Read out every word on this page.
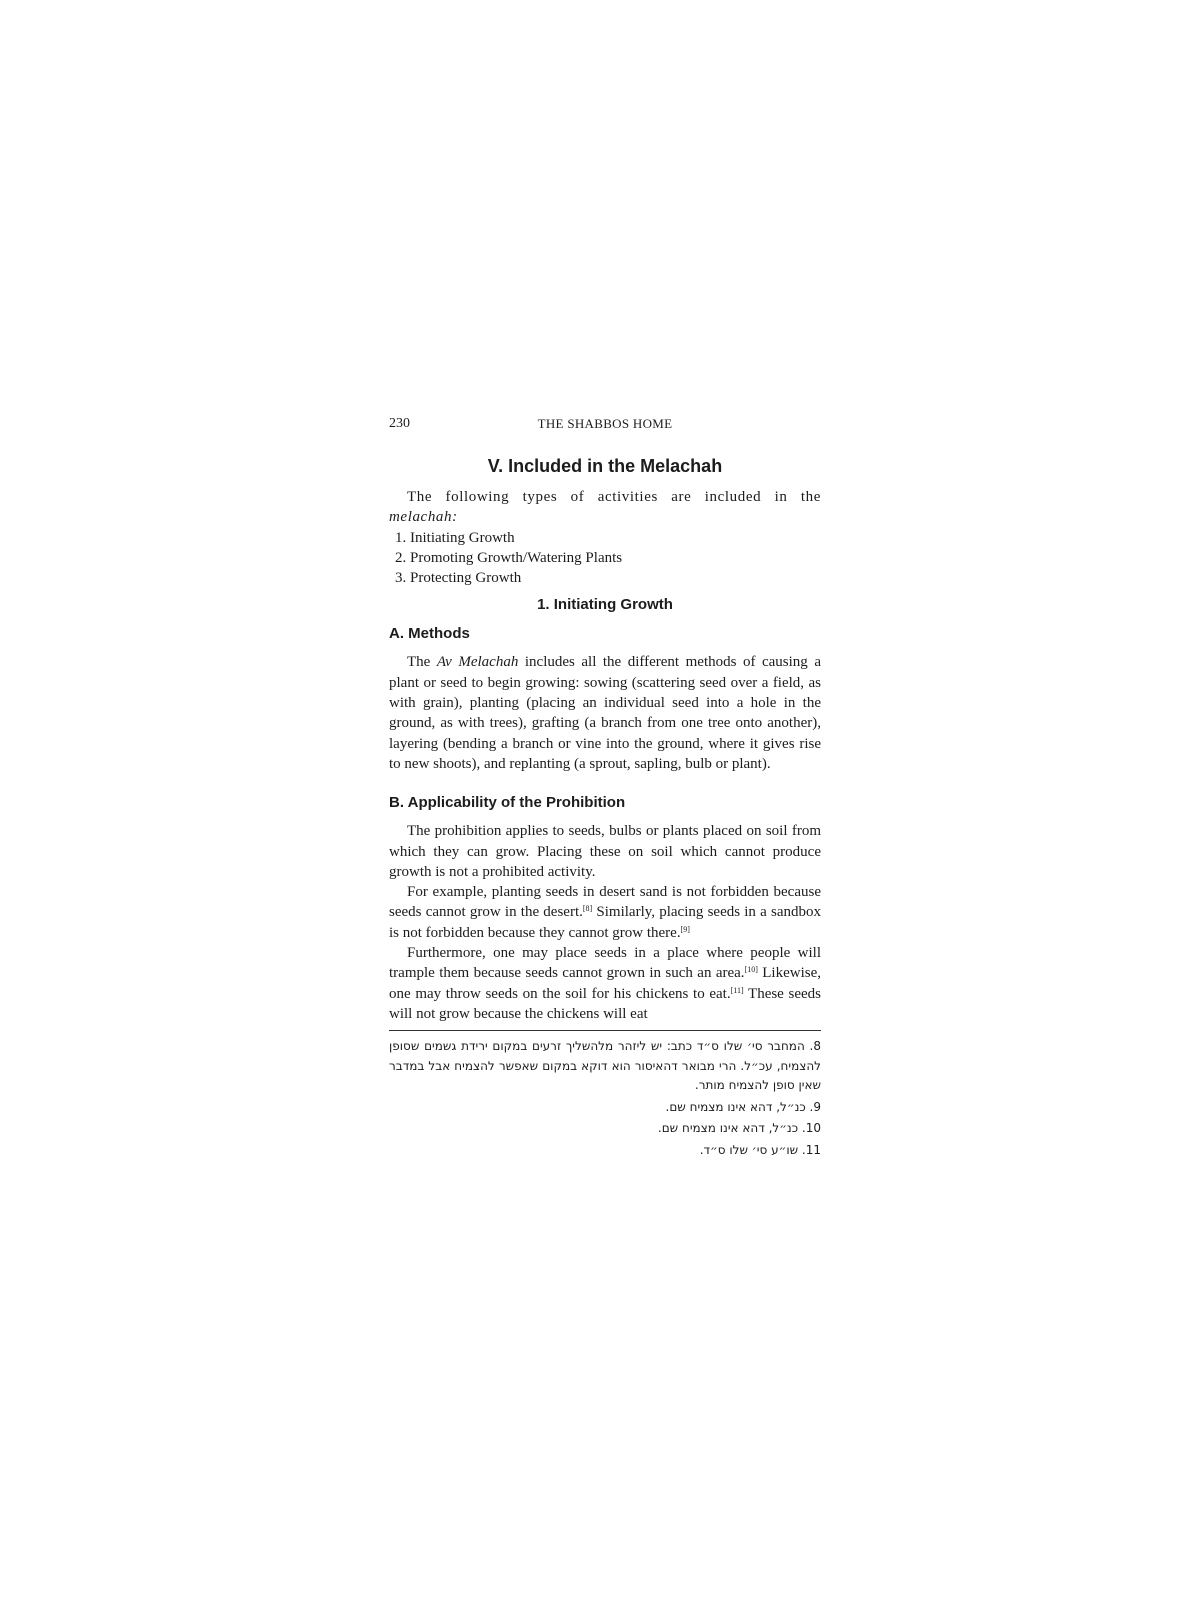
230	THE SHABBOS HOME
V. Included in the Melachah

The following types of activities are included in the melachah:

1. Initiating Growth
2. Promoting Growth/Watering Plants
3. Protecting Growth
1. Initiating Growth
A. Methods

The Av Melachah includes all the different methods of causing a plant or seed to begin growing: sowing (scattering seed over a field, as with grain), planting (placing an individual seed into a hole in the ground, as with trees), grafting (a branch from one tree onto another), layering (bending a branch or vine into the ground, where it gives rise to new shoots), and replanting (a sprout, sapling, bulb or plant).

B. Applicability of the Prohibition

The prohibition applies to seeds, bulbs or plants placed on soil from which they can grow. Placing these on soil which cannot produce growth is not a prohibited activity.

For example, planting seeds in desert sand is not forbidden because seeds cannot grow in the desert.[8] Similarly, placing seeds in a sandbox is not forbidden because they cannot grow there.[9]

Furthermore, one may place seeds in a place where people will trample them because seeds cannot grown in such an area.[10] Likewise, one may throw seeds on the soil for his chickens to eat.[11] These seeds will not grow because the chickens will eat

8. המחבר סי׳ שלו ס״ד כתב: יש ליזהר מלהשליך זרעים במקום ירידת גשמים שסופן להצמיח, עכ״ל. הרי מבואר דהאיסור הוא דוקא במקום שאפשר להצמיח אבל במדבר שאין סופן להצמיח מותר.
9. כנ״ל, דהא אינו מצמיח שם.
10. כנ״ל, דהא אינו מצמיח שם.
11. שו״ע סי׳ שלו ס״ד.
